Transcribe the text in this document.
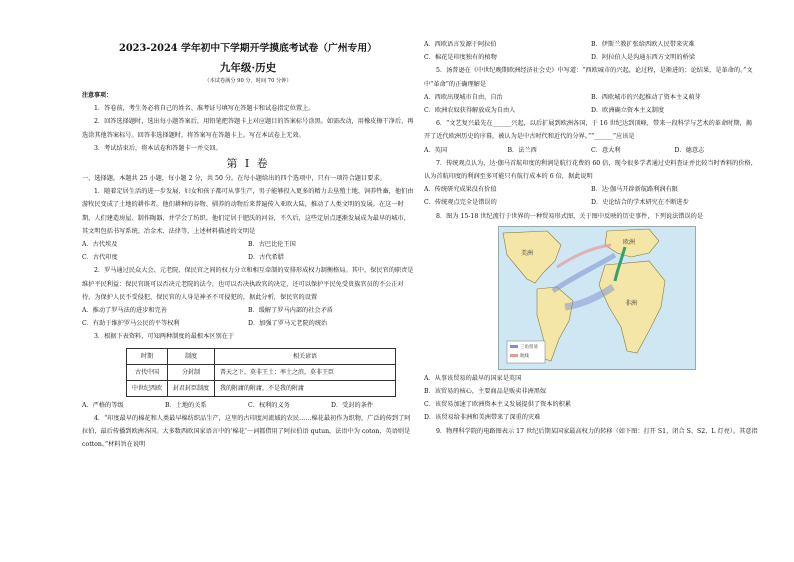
2023-2024 学年初中下学期开学摸底考试卷（广州专用）
九年级·历史
（本试卷满分 90 分，时间 70 分钟）
注意事项：

1．答卷前，考生务必将自己的姓名、准考证号填写在答题卡和试卷指定位置上。

2．回答选择题时，选出每小题答案后，用铅笔把答题卡上对应题目的答案标号涂黑。如需改动，用橡皮擦干净后，再选涂其他答案标号。回答非选择题时，将答案写在答题卡上。写在本试卷上无效。

3．考试结束后，将本试卷和答题卡一并交回。

第 I 卷

一、选择题。本题共 25 小题，每小题 2 分，共 50 分。在每小题给出的四个选项中，只有一项符合题目要求。

1．随着定居生活的进一步发展，妇女和孩子都可从事生产，男子能够投入更多的精力去垦殖土地、饲养牲畜，他们由游牧民变成了土地的耕作者。他们耕种的谷物、驯养的动物后来普遍传入亚欧大陆，推动了人类文明的发展。在这一时期，人们建造房屋、制作陶器，并学会了纺织。他们定居于肥沃的河谷，不久后，这些定居点逐渐发展成为最早的城市，其文明包括书写系统、冶金术、法律等，上述材料描述的文明是

A．古代埃及	B．古巴比伦王国
C．古代印度	D．古代希腊

2．罗马通过民众大会、元老院、保民官之间的权力分立和相互牵制的安排形成权力制衡格局。其中，保民官的职责是维护平民利益：保民官既可以否决元老院的法令，也可以否决执政官的决定，还可以保护平民免受贵族官员的不公正对待，为保护人民不受侵犯，保民官的人身是神圣不可侵犯的，据此分析，保民官的设置

A．推动了罗马法的进步和完善	B．缓解了罗马内部的社会矛盾
C．有助于维护罗马公民的平等权利	D．加强了罗马元老院的统治

3．根据下表资料，可知两种制度的最根本区别在于

时期	制度	相关谚语
古代中国	分封制	普天之下，莫非王土；率土之滨，莫非王臣
中世纪西欧	封君封臣制度	我的附庸的附庸，不是我的附庸
A．严格的等级	B．土地的关系	C．权利的义务	D．受封的条件

4．“印度最早的棉花和人类最早棉纺织品生产，这里的古印度河流域的农民……棉花最初作为织物，广泛的传到了阿拉伯，最后传播到欧洲各国。大多数西欧国家语言中的‘棉花’一词都借用了阿拉伯语 qutun，法语中为 coton，英语则是 cotton。”材料旨在说明

A．西欧语言发源于阿拉伯	B．伊斯兰教扩张给西欧人民带来灾难
C．棉花是印度独有的植物	D．阿拉伯人是沟通东西方文明的桥梁

5．汤普逊在《中世纪晚期欧洲经济社会史》中写道：“西欧城市的兴起，论过程，是渐进的；论结果，是革命的。”文中“革命”的正确理解是

A．西欧出现城市自由、自治	B．西欧城市的兴起推动了资本主义萌芽
C．欧洲农奴获得解放成为自由人	D．欧洲确立资本主义制度

6．“文艺复兴最先在______兴起，以后扩展到欧洲各国，于 16 世纪达到顶峰，带来一段科学与艺术的革命时期，揭开了近代欧洲历史的序幕，被认为是中古时代和近代的分界。”“______”应该是

A．英国	B．法兰西	C．意大利	D．德意志

7．传统观点认为，达·伽马首航印度的利润是航行花费的 60 倍，现今很多学者通过史料查证并比较当时香料的价格，认为首航印度的利润至多可能只有航行成本的 6 倍，据此说明

A．传统研究成果没有价值	B．达·伽马开辟新航路利润有限
C．传统观点完全是错误的	D．史论结合的学术研究在不断进步

8．图为 15-18 世纪流行于世界的一种贸易形式图，关于图中反映的历史事件，下列说法错误的是

欧洲
非洲
美洲
三角贸易
航线

A．从事该贸易的最早的国家是英国

B．该贸易的核心，主要商品是贩卖非洲黑奴

C．该贸易加速了欧洲资本主义发展提供了资本的积累

D．该贸易给非洲和美洲带来了深重的灾难

9．物理科学院的电路图表示 17 世纪后期某国家最高权力的转移（如下图：打开 S1，闭合 S、S2，L 灯亮）。其意指
